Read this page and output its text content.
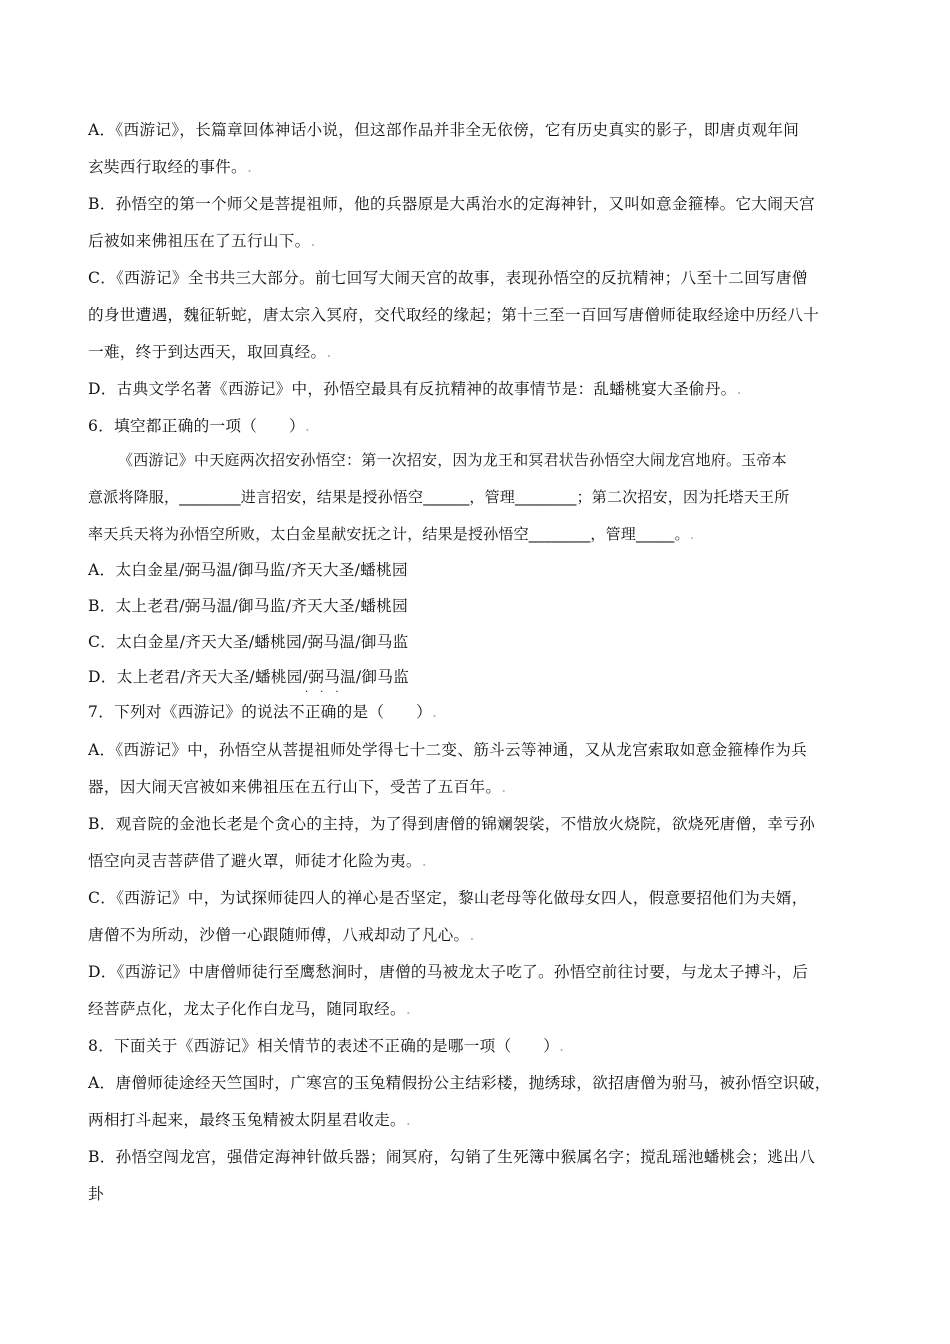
A．《西游记》，长篇章回体神话小说，但这部作品并非全无依傍，它有历史真实的影子，即唐贞观年间
玄奘西行取经的事件。.
B．孙悟空的第一个师父是菩提祖师，他的兵器原是大禹治水的定海神针，又叫如意金箍棒。它大闹天宫
后被如来佛祖压在了五行山下。.
C．《西游记》全书共三大部分。前七回写大闹天宫的故事，表现孙悟空的反抗精神；八至十二回写唐僧
的身世遭遇，魏征斩蛇，唐太宗入冥府，交代取经的缘起；第十三至一百回写唐僧师徒取经途中历经八十
一难，终于到达西天，取回真经。.
D．古典文学名著《西游记》中，孙悟空最具有反抗精神的故事情节是：乱蟠桃宴大圣偷丹。.
6．填空都正确的一项（　　）.
《西游记》中天庭两次招安孙悟空：第一次招安，因为龙王和冥君状告孙悟空大闹龙宫地府。玉帝本
意派将降服，________进言招安，结果是授孙悟空______，管理________；第二次招安，因为托塔天王所
率天兵天将为孙悟空所败，太白金星献安抚之计，结果是授孙悟空________，管理_____。.
A．太白金星/弼马温/御马监/齐天大圣/蟠桃园
B．太上老君/弼马温/御马监/齐天大圣/蟠桃园
C．太白金星/齐天大圣/蟠桃园/弼马温/御马监
D．太上老君/齐天大圣/蟠桃园/弼马温/御马监
···
7．下列对《西游记》的说法不正确的是（　　）.
A．《西游记》中，孙悟空从菩提祖师处学得七十二变、筋斗云等神通，又从龙宫索取如意金箍棒作为兵
器，因大闹天宫被如来佛祖压在五行山下，受苦了五百年。.
B．观音院的金池长老是个贪心的主持，为了得到唐僧的锦斓袈裟，不惜放火烧院，欲烧死唐僧，幸亏孙
悟空向灵吉菩萨借了避火罩，师徒才化险为夷。.
C．《西游记》中，为试探师徒四人的禅心是否坚定，黎山老母等化做母女四人，假意要招他们为夫婿，
唐僧不为所动，沙僧一心跟随师傅，八戒却动了凡心。.
D．《西游记》中唐僧师徒行至鹰愁涧时，唐僧的马被龙太子吃了。孙悟空前往讨要，与龙太子搏斗，后
经菩萨点化，龙太子化作白龙马，随同取经。.
8．下面关于《西游记》相关情节的表述不正确的是哪一项（　　）.
A．唐僧师徒途经天竺国时，广寒宫的玉兔精假扮公主结彩楼，抛绣球，欲招唐僧为驸马，被孙悟空识破，
两相打斗起来，最终玉兔精被太阴星君收走。.
B．孙悟空闯龙宫，强借定海神针做兵器；闹冥府，勾销了生死簿中猴属名字；搅乱瑶池蟠桃会；逃出八
卦
